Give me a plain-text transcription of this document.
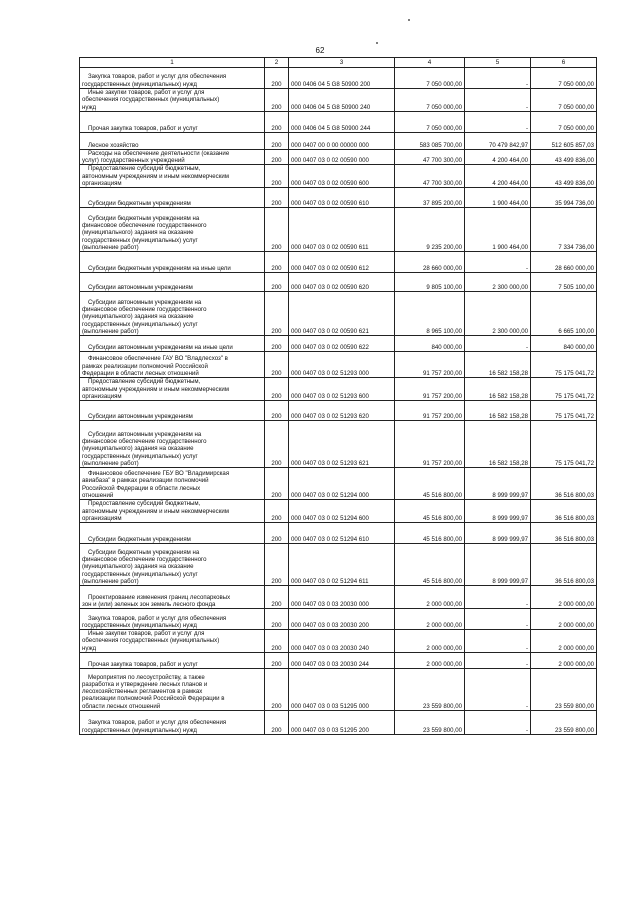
62
1	2	3	4	5	6
Закупка товаров, работ и услуг для обеспечения
государственных (муниципальных) нужд	200	000 0406 04 5 G8 50900 200	7 050 000,00	-	7 050 000,00
Иные закупки товаров, работ и услуг для
обеспечения государственных (муниципальных)
нужд	200	000 0406 04 5 G8 50900 240	7 050 000,00	-	7 050 000,00
Прочая закупка товаров, работ и услуг	200	000 0406 04 5 G8 50900 244	7 050 000,00	-	7 050 000,00
Лесное хозяйство	200	000 0407 00 0 00 00000 000	583 085 700,00	70 479 842,97	512 605 857,03
Расходы на обеспечение деятельности (оказание
услуг) государственных учреждений	200	000 0407 03 0 02 00590 000	47 700 300,00	4 200 464,00	43 499 836,00
Предоставление субсидий бюджетным,
автономным учреждениям и иным некоммерческим
организациям	200	000 0407 03 0 02 00590 600	47 700 300,00	4 200 464,00	43 499 836,00
Субсидии бюджетным учреждениям	200	000 0407 03 0 02 00590 610	37 895 200,00	1 900 464,00	35 994 736,00
Субсидии бюджетным учреждениям на
финансовое обеспечение государственного
(муниципального) задания на оказание
государственных (муниципальных) услуг
(выполнение работ)	200	000 0407 03 0 02 00590 611	9 235 200,00	1 900 464,00	7 334 736,00
Субсидии бюджетным учреждениям на иные цели	200	000 0407 03 0 02 00590 612	28 660 000,00	-	28 660 000,00
Субсидии автономным учреждениям	200	000 0407 03 0 02 00590 620	9 805 100,00	2 300 000,00	7 505 100,00
Субсидии автономным учреждениям на
финансовое обеспечение государственного
(муниципального) задания на оказание
государственных (муниципальных) услуг
(выполнение работ)	200	000 0407 03 0 02 00590 621	8 965 100,00	2 300 000,00	6 665 100,00
Субсидии автономным учреждениям на иные цели	200	000 0407 03 0 02 00590 622	840 000,00	-	840 000,00
Финансовое обеспечение ГАУ ВО "Владлесхоз" в
рамках реализации полномочий Российской
Федерации в области лесных отношений	200	000 0407 03 0 02 51293 000	91 757 200,00	16 582 158,28	75 175 041,72
Предоставление субсидий бюджетным,
автономным учреждениям и иным некоммерческим
организациям	200	000 0407 03 0 02 51293 600	91 757 200,00	16 582 158,28	75 175 041,72
Субсидии автономным учреждениям	200	000 0407 03 0 02 51293 620	91 757 200,00	16 582 158,28	75 175 041,72
Субсидии автономным учреждениям на
финансовое обеспечение государственного
(муниципального) задания на оказание
государственных (муниципальных) услуг
(выполнение работ)	200	000 0407 03 0 02 51293 621	91 757 200,00	16 582 158,28	75 175 041,72
Финансовое обеспечение ГБУ ВО "Владимирская
авиабаза" в рамках реализации полномочий
Российской Федерации в области лесных
отношений	200	000 0407 03 0 02 51294 000	45 516 800,00	8 999 999,97	36 516 800,03
Предоставление субсидий бюджетным,
автономным учреждениям и иным некоммерческим
организациям	200	000 0407 03 0 02 51294 600	45 516 800,00	8 999 999,97	36 516 800,03
Субсидии бюджетным учреждениям	200	000 0407 03 0 02 51294 610	45 516 800,00	8 999 999,97	36 516 800,03
Субсидии бюджетным учреждениям на
финансовое обеспечение государственного
(муниципального) задания на оказание
государственных (муниципальных) услуг
(выполнение работ)	200	000 0407 03 0 02 51294 611	45 516 800,00	8 999 999,97	36 516 800,03
Проектирование изменения границ лесопарковых
зон и (или) зеленых зон земель лесного фонда	200	000 0407 03 0 03 20030 000	2 000 000,00	-	2 000 000,00
Закупка товаров, работ и услуг для обеспечения
государственных (муниципальных) нужд	200	000 0407 03 0 03 20030 200	2 000 000,00	-	2 000 000,00
Иные закупки товаров, работ и услуг для
обеспечения государственных (муниципальных)
нужд	200	000 0407 03 0 03 20030 240	2 000 000,00	-	2 000 000,00
Прочая закупка товаров, работ и услуг	200	000 0407 03 0 03 20030 244	2 000 000,00	-	2 000 000,00
Мероприятия по лесоустройству, а также
разработка и утверждение лесных планов и
лесохозяйственных регламентов в рамках
реализации полномочий Российской Федерации в
области лесных отношений	200	000 0407 03 0 03 51295 000	23 559 800,00	-	23 559 800,00
Закупка товаров, работ и услуг для обеспечения
государственных (муниципальных) нужд	200	000 0407 03 0 03 51295 200	23 559 800,00	-	23 559 800,00
